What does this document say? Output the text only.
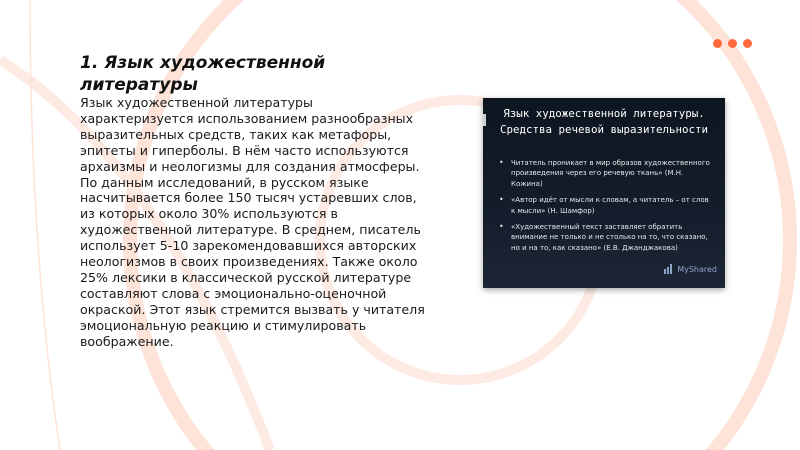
1. Язык художественной литературы

Язык художественной литературы характеризуется использованием разнообразных выразительных средств, таких как метафоры, эпитеты и гиперболы. В нём часто используются архаизмы и неологизмы для создания атмосферы. По данным исследований, в русском языке насчитывается более 150 тысяч устаревших слов, из которых около 30% используются в художественной литературе. В среднем, писатель использует 5-10 зарекомендовавшихся авторских неологизмов в своих произведениях. Также около 25% лексики в классической русской литературе составляют слова с эмоционально-оценочной окраской. Этот язык стремится вызвать у читателя эмоциональную реакцию и стимулировать воображение.

Язык художественной литературы. Средства речевой выразительности

• Читатель проникает в мир образов художественного произведения через его речевую ткань» (М.Н. Кожина)
• «Автор идёт от мысли к словам, а читатель – от слов к мысли» (Н. Шамфор)
• «Художественный текст заставляет обратить внимание не только и не столько на то, что сказано, но и на то, как сказано» (Е.В. Джанджакова)
MyShared
